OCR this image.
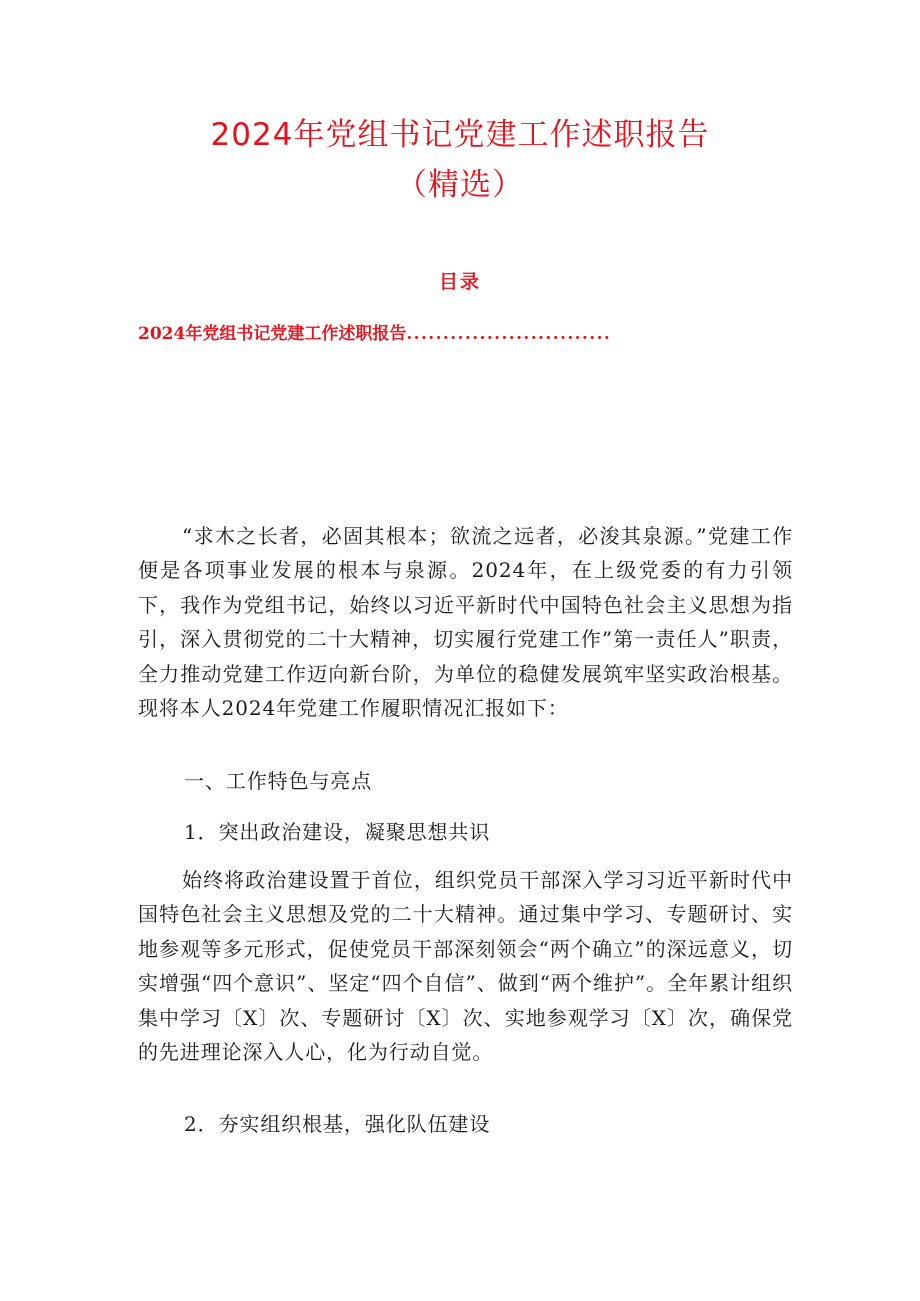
2024年党组书记党建工作述职报告
（精选）
目录
2024年党组书记党建工作述职报告............................

“求木之长者，必固其根本；欲流之远者，必浚其泉源。”党建工作便是各项事业发展的根本与泉源。2024年，在上级党委的有力引领下，我作为党组书记，始终以习近平新时代中国特色社会主义思想为指引，深入贯彻党的二十大精神，切实履行党建工作”第一责任人”职责，全力推动党建工作迈向新台阶，为单位的稳健发展筑牢坚实政治根基。现将本人2024年党建工作履职情况汇报如下：

一、工作特色与亮点

1．突出政治建设，凝聚思想共识

始终将政治建设置于首位，组织党员干部深入学习习近平新时代中国特色社会主义思想及党的二十大精神。通过集中学习、专题研讨、实地参观等多元形式，促使党员干部深刻领会“两个确立”的深远意义，切实增强“四个意识”、坚定“四个自信”、做到“两个维护”。全年累计组织集中学习〔X〕次、专题研讨〔X〕次、实地参观学习〔X〕次，确保党的先进理论深入人心，化为行动自觉。

2．夯实组织根基，强化队伍建设
